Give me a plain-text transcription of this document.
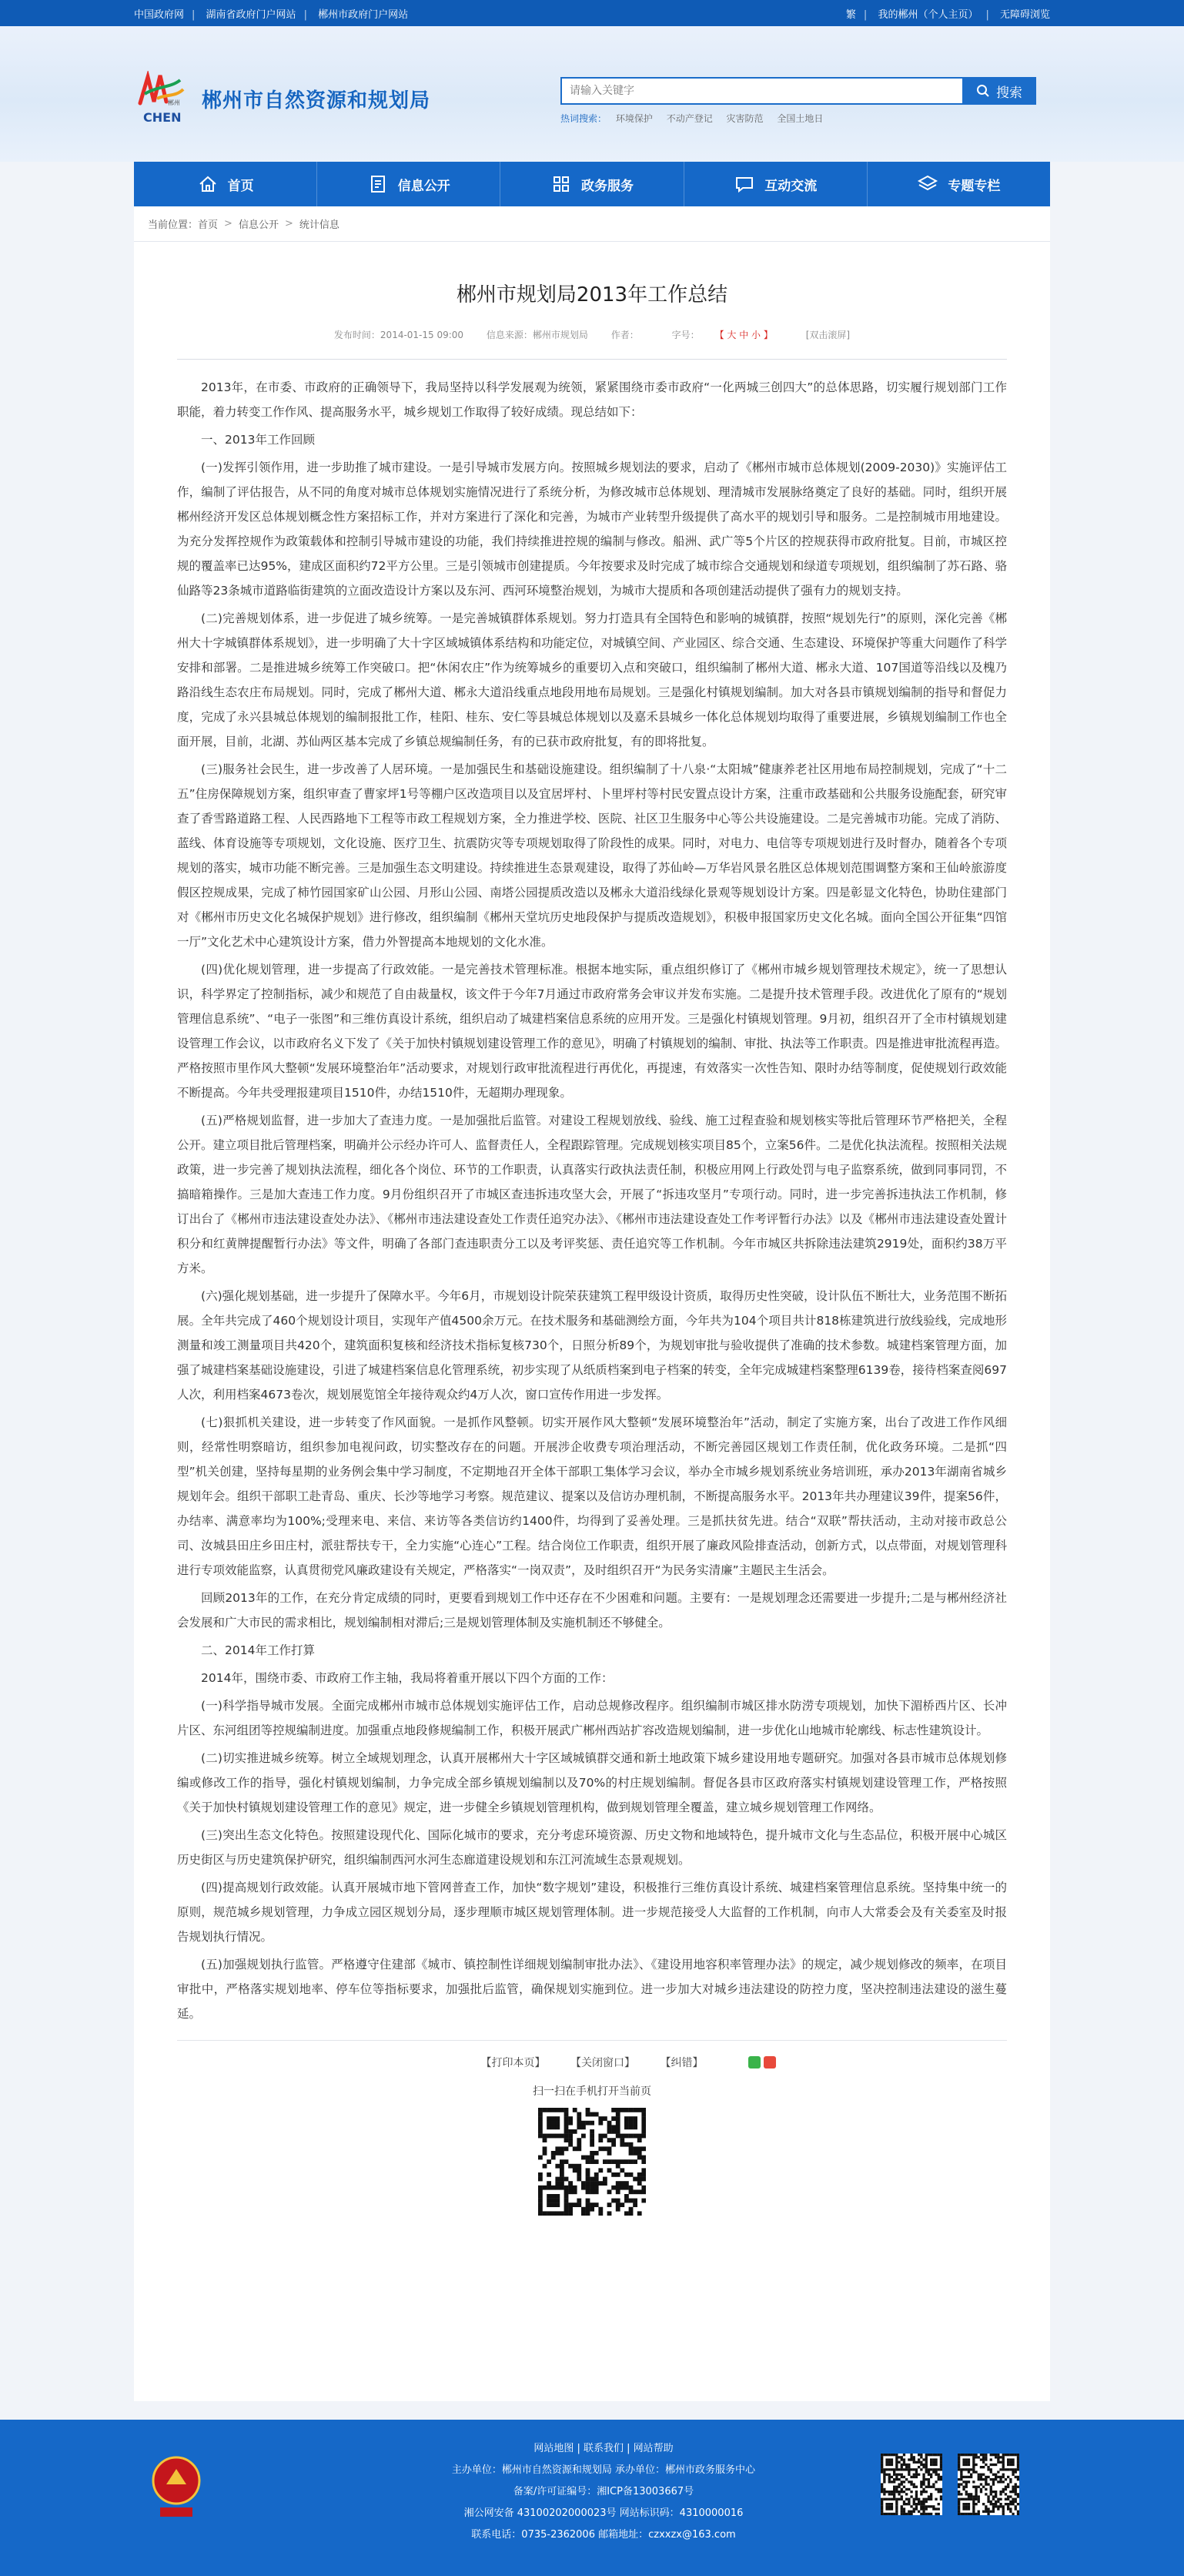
中国政府网 | 湖南省政府门户网站 | 郴州市政府门户网站	繁 | 我的郴州（个人主页） | 无障碍浏览
郴州
CHEN
郴州市自然资源和规划局
请输入关键字	搜索
热词搜索： 环境保护 不动产登记 灾害防范 全国土地日
首页	信息公开	政务服务	互动交流	专题专栏
当前位置： 首页 > 信息公开 > 统计信息
郴州市规划局2013年工作总结
发布时间：2014-01-15 09:00 信息来源：郴州市规划局 作者：	字号： 【 大 中 小 】	[双击滚屏]

2013年，在市委、市政府的正确领导下，我局坚持以科学发展观为统领，紧紧围绕市委市政府“一化两城三创四大”的总体思路，切实履行规划部门工作职能，着力转变工作作风、提高服务水平，城乡规划工作取得了较好成绩。现总结如下：

一、2013年工作回顾

(一)发挥引领作用，进一步助推了城市建设。一是引导城市发展方向。按照城乡规划法的要求，启动了《郴州市城市总体规划(2009-2030)》实施评估工作，编制了评估报告，从不同的角度对城市总体规划实施情况进行了系统分析，为修改城市总体规划、理清城市发展脉络奠定了良好的基础。同时，组织开展郴州经济开发区总体规划概念性方案招标工作，并对方案进行了深化和完善，为城市产业转型升级提供了高水平的规划引导和服务。二是控制城市用地建设。为充分发挥控规作为政策载体和控制引导城市建设的功能，我们持续推进控规的编制与修改。船洲、武广等5个片区的控规获得市政府批复。目前，市城区控规的覆盖率已达95%，建成区面积约72平方公里。三是引领城市创建提质。今年按要求及时完成了城市综合交通规划和绿道专项规划，组织编制了苏石路、骆仙路等23条城市道路临街建筑的立面改造设计方案以及东河、西河环境整治规划，为城市大提质和各项创建活动提供了强有力的规划支持。

(二)完善规划体系，进一步促进了城乡统筹。一是完善城镇群体系规划。努力打造具有全国特色和影响的城镇群，按照“规划先行”的原则，深化完善《郴州大十字城镇群体系规划》，进一步明确了大十字区域城镇体系结构和功能定位，对城镇空间、产业园区、综合交通、生态建设、环境保护等重大问题作了科学安排和部署。二是推进城乡统筹工作突破口。把“休闲农庄”作为统筹城乡的重要切入点和突破口，组织编制了郴州大道、郴永大道、107国道等沿线以及槐乃路沿线生态农庄布局规划。同时，完成了郴州大道、郴永大道沿线重点地段用地布局规划。三是强化村镇规划编制。加大对各县市镇规划编制的指导和督促力度，完成了永兴县城总体规划的编制报批工作，桂阳、桂东、安仁等县城总体规划以及嘉禾县城乡一体化总体规划均取得了重要进展，乡镇规划编制工作也全面开展，目前，北湖、苏仙两区基本完成了乡镇总规编制任务，有的已获市政府批复，有的即将批复。

(三)服务社会民生，进一步改善了人居环境。一是加强民生和基础设施建设。组织编制了十八泉·“太阳城”健康养老社区用地布局控制规划，完成了“十二五”住房保障规划方案，组织审查了曹家坪1号等棚户区改造项目以及宜居坪村、卜里坪村等村民安置点设计方案，注重市政基础和公共服务设施配套，研究审查了香雪路道路工程、人民西路地下工程等市政工程规划方案，全力推进学校、医院、社区卫生服务中心等公共设施建设。二是完善城市功能。完成了消防、蓝线、体育设施等专项规划，文化设施、医疗卫生、抗震防灾等专项规划取得了阶段性的成果。同时，对电力、电信等专项规划进行及时督办，随着各个专项规划的落实，城市功能不断完善。三是加强生态文明建设。持续推进生态景观建设，取得了苏仙岭—万华岩风景名胜区总体规划范围调整方案和王仙岭旅游度假区控规成果，完成了柿竹园国家矿山公园、月形山公园、南塔公园提质改造以及郴永大道沿线绿化景观等规划设计方案。四是彰显文化特色，协助住建部门对《郴州市历史文化名城保护规划》进行修改，组织编制《郴州天堂坑历史地段保护与提质改造规划》，积极申报国家历史文化名城。面向全国公开征集“四馆一厅”文化艺术中心建筑设计方案，借力外智提高本地规划的文化水准。

(四)优化规划管理，进一步提高了行政效能。一是完善技术管理标准。根据本地实际，重点组织修订了《郴州市城乡规划管理技术规定》，统一了思想认识，科学界定了控制指标，减少和规范了自由裁量权，该文件于今年7月通过市政府常务会审议并发布实施。二是提升技术管理手段。改进优化了原有的“规划管理信息系统”、“电子一张图”和三维仿真设计系统，组织启动了城建档案信息系统的应用开发。三是强化村镇规划管理。9月初，组织召开了全市村镇规划建设管理工作会议，以市政府名义下发了《关于加快村镇规划建设管理工作的意见》，明确了村镇规划的编制、审批、执法等工作职责。四是推进审批流程再造。严格按照市里作风大整顿“发展环境整治年”活动要求，对规划行政审批流程进行再优化，再提速，有效落实一次性告知、限时办结等制度，促使规划行政效能不断提高。今年共受理报建项目1510件，办结1510件，无超期办理现象。

(五)严格规划监督，进一步加大了查违力度。一是加强批后监管。对建设工程规划放线、验线、施工过程查验和规划核实等批后管理环节严格把关，全程公开。建立项目批后管理档案，明确并公示经办许可人、监督责任人，全程跟踪管理。完成规划核实项目85个，立案56件。二是优化执法流程。按照相关法规政策，进一步完善了规划执法流程，细化各个岗位、环节的工作职责，认真落实行政执法责任制，积极应用网上行政处罚与电子监察系统，做到同事同罚，不搞暗箱操作。三是加大查违工作力度。9月份组织召开了市城区查违拆违攻坚大会，开展了“拆违攻坚月”专项行动。同时，进一步完善拆违执法工作机制，修订出台了《郴州市违法建设查处办法》、《郴州市违法建设查处工作责任追究办法》、《郴州市违法建设查处工作考评暂行办法》以及《郴州市违法建设查处置计积分和红黄牌提醒暂行办法》等文件，明确了各部门查违职责分工以及考评奖惩、责任追究等工作机制。今年市城区共拆除违法建筑2919处，面积约38万平方米。

(六)强化规划基础，进一步提升了保障水平。今年6月，市规划设计院荣获建筑工程甲级设计资质，取得历史性突破，设计队伍不断壮大，业务范围不断拓展。全年共完成了460个规划设计项目，实现年产值4500余万元。在技术服务和基础测绘方面，今年共为104个项目共计818栋建筑进行放线验线，完成地形测量和竣工测量项目共420个，建筑面积复核和经济技术指标复核730个，日照分析89个，为规划审批与验收提供了准确的技术参数。城建档案管理方面，加强了城建档案基础设施建设，引进了城建档案信息化管理系统，初步实现了从纸质档案到电子档案的转变，全年完成城建档案整理6139卷，接待档案查阅697人次，利用档案4673卷次，规划展览馆全年接待观众约4万人次，窗口宣传作用进一步发挥。

(七)狠抓机关建设，进一步转变了作风面貌。一是抓作风整顿。切实开展作风大整顿“发展环境整治年”活动，制定了实施方案，出台了改进工作作风细则，经常性明察暗访，组织参加电视问政，切实整改存在的问题。开展涉企收费专项治理活动，不断完善园区规划工作责任制，优化政务环境。二是抓“四型”机关创建，坚持每星期的业务例会集中学习制度，不定期地召开全体干部职工集体学习会议，举办全市城乡规划系统业务培训班，承办2013年湖南省城乡规划年会。组织干部职工赴青岛、重庆、长沙等地学习考察。规范建议、提案以及信访办理机制，不断提高服务水平。2013年共办理建议39件，提案56件，办结率、满意率均为100%;受理来电、来信、来访等各类信访约1400件，均得到了妥善处理。三是抓扶贫先进。结合“双联”帮扶活动，主动对接市政总公司、汝城县田庄乡田庄村，派驻帮扶专干，全力实施“心连心”工程。结合岗位工作职责，组织开展了廉政风险排查活动，创新方式，以点带面，对规划管理科进行专项效能监察，认真贯彻党风廉政建设有关规定，严格落实“一岗双责”，及时组织召开“为民务实清廉”主题民主生活会。

回顾2013年的工作，在充分肯定成绩的同时，更要看到规划工作中还存在不少困难和问题。主要有：一是规划理念还需要进一步提升;二是与郴州经济社会发展和广大市民的需求相比，规划编制相对滞后;三是规划管理体制及实施机制还不够健全。

二、2014年工作打算

2014年，围绕市委、市政府工作主轴，我局将着重开展以下四个方面的工作：

(一)科学指导城市发展。全面完成郴州市城市总体规划实施评估工作，启动总规修改程序。组织编制市城区排水防涝专项规划，加快下湄桥西片区、长冲片区、东河组团等控规编制进度。加强重点地段修规编制工作，积极开展武广郴州西站扩容改造规划编制，进一步优化山地城市轮廓线、标志性建筑设计。

(二)切实推进城乡统筹。树立全域规划理念，认真开展郴州大十字区域城镇群交通和新土地政策下城乡建设用地专题研究。加强对各县市城市总体规划修编或修改工作的指导，强化村镇规划编制，力争完成全部乡镇规划编制以及70%的村庄规划编制。督促各县市区政府落实村镇规划建设管理工作，严格按照《关于加快村镇规划建设管理工作的意见》规定，进一步健全乡镇规划管理机构，做到规划管理全覆盖，建立城乡规划管理工作网络。

(三)突出生态文化特色。按照建设现代化、国际化城市的要求，充分考虑环境资源、历史文物和地域特色，提升城市文化与生态品位，积极开展中心城区历史街区与历史建筑保护研究，组织编制西河水河生态廊道建设规划和东江河流域生态景观规划。

(四)提高规划行政效能。认真开展城市地下管网普查工作，加快“数字规划”建设，积极推行三维仿真设计系统、城建档案管理信息系统。坚持集中统一的原则，规范城乡规划管理，力争成立园区规划分局，逐步理顺市城区规划管理体制。进一步规范接受人大监督的工作机制，向市人大常委会及有关委室及时报告规划执行情况。

(五)加强规划执行监管。严格遵守住建部《城市、镇控制性详细规划编制审批办法》、《建设用地容积率管理办法》的规定，减少规划修改的频率，在项目审批中，严格落实规划地率、停车位等指标要求，加强批后监管，确保规划实施到位。进一步加大对城乡违法建设的防控力度，坚决控制违法建设的滋生蔓延。

【打印本页】 【关闭窗口】 【纠错】
扫一扫在手机打开当前页
网站地图 | 联系我们 | 网站帮助
主办单位：郴州市自然资源和规划局 承办单位：郴州市政务服务中心
备案/许可证编号：湘ICP备13003667号
湘公网安备 43100202000023号 网站标识码：4310000016
联系电话：0735-2362006 邮箱地址：czxxzx@163.com
